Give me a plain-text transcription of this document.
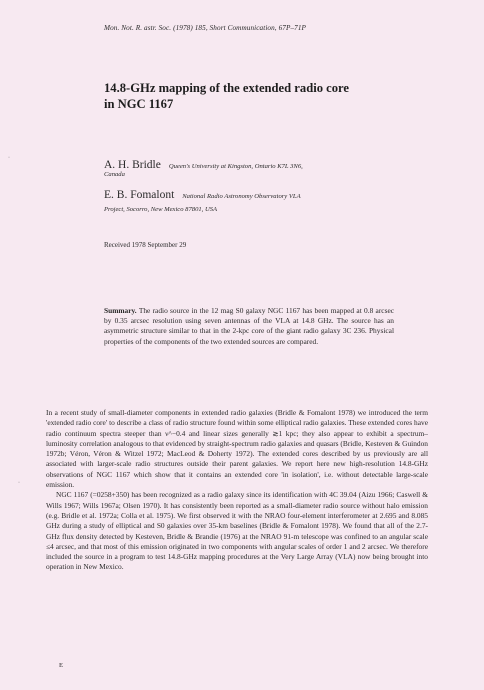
Mon. Not. R. astr. Soc. (1978) 185, Short Communication, 67P–71P
14.8-GHz mapping of the extended radio core
in NGC 1167
A. H. Bridle Queen's University at Kingston, Ontario K7L 3N6,
Canada
E. B. Fomalont National Radio Astronomy Observatory VLA
Project, Socorro, New Mexico 87801, USA
Received 1978 September 29
Summary. The radio source in the 12 mag S0 galaxy NGC 1167 has been mapped at 0.8 arcsec by 0.35 arcsec resolution using seven antennas of the VLA at 14.8 GHz. The source has an asymmetric structure similar to that in the 2-kpc core of the giant radio galaxy 3C 236. Physical properties of the components of the two extended sources are compared.

In a recent study of small-diameter components in extended radio galaxies (Bridle & Fomalont 1978) we introduced the term 'extended radio core' to describe a class of radio structure found within some elliptical radio galaxies. These extended cores have radio continuum spectra steeper than ν^−0.4 and linear sizes generally ≳1 kpc; they also appear to exhibit a spectrum–luminosity correlation analogous to that evidenced by straight-spectrum radio galaxies and quasars (Bridle, Kesteven & Guindon 1972b; Véron, Véron & Witzel 1972; MacLeod & Doherty 1972). The extended cores described by us previously are all associated with larger-scale radio structures outside their parent galaxies. We report here new high-resolution 14.8-GHz observations of NGC 1167 which show that it contains an extended core 'in isolation', i.e. without detectable large-scale emission.

NGC 1167 (=0258+350) has been recognized as a radio galaxy since its identification with 4C 39.04 (Aizu 1966; Caswell & Wills 1967; Wills 1967a; Olsen 1970). It has consistently been reported as a small-diameter radio source without halo emission (e.g. Bridle et al. 1972a; Colla et al. 1975). We first observed it with the NRAO four-element interferometer at 2.695 and 8.085 GHz during a study of elliptical and S0 galaxies over 35-km baselines (Bridle & Fomalont 1978). We found that all of the 2.7-GHz flux density detected by Kesteven, Bridle & Brandie (1976) at the NRAO 91-m telescope was confined to an angular scale ≤4 arcsec, and that most of this emission originated in two components with angular scales of order 1 and 2 arcsec. We therefore included the source in a program to test 14.8-GHz mapping procedures at the Very Large Array (VLA) now being brought into operation in New Mexico.

E
·
·
